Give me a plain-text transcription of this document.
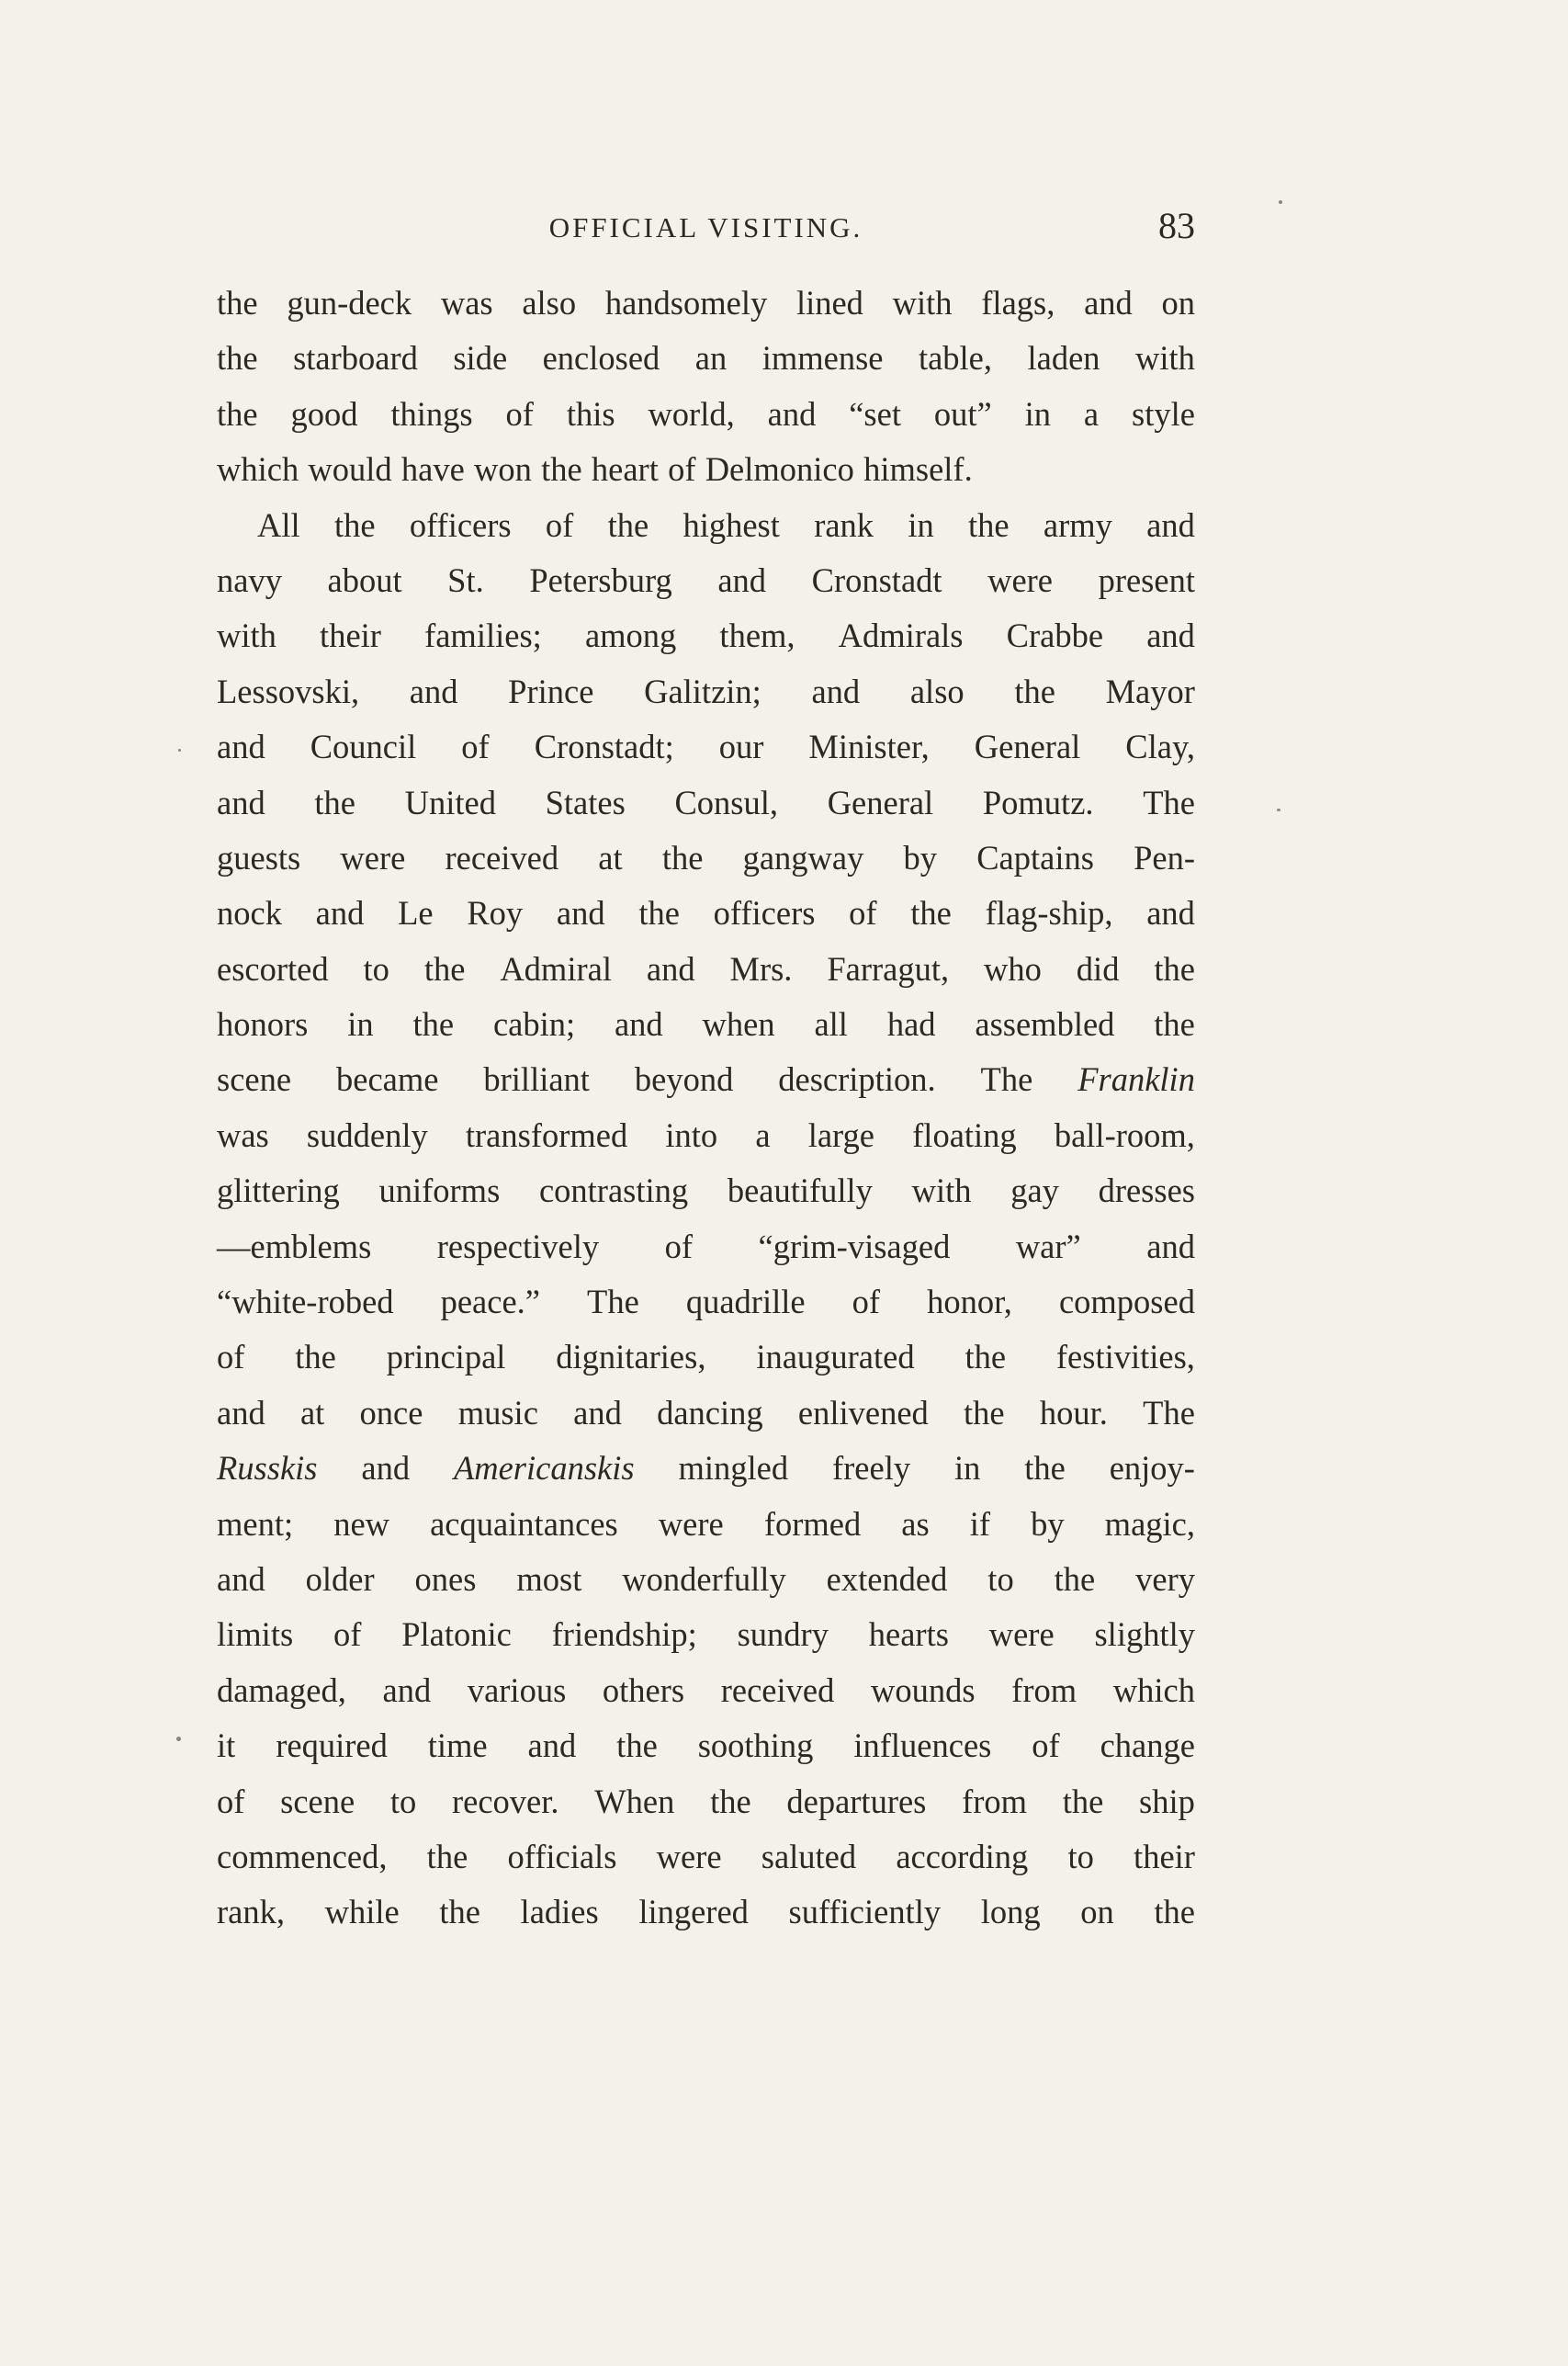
OFFICIAL VISITING.	83
the gun-deck was also handsomely lined with flags, and on
the starboard side enclosed an immense table, laden with
the good things of this world, and “set out” in a style
which would have won the heart of Delmonico himself.
All the officers of the highest rank in the army and
navy about St. Petersburg and Cronstadt were present
with their families; among them, Admirals Crabbe and
Lessovski, and Prince Galitzin; and also the Mayor
and Council of Cronstadt; our Minister, General Clay,
and the United States Consul, General Pomutz. The
guests were received at the gangway by Captains Pen-
nock and Le Roy and the officers of the flag-ship, and
escorted to the Admiral and Mrs. Farragut, who did the
honors in the cabin; and when all had assembled the
scene became brilliant beyond description. The Franklin
was suddenly transformed into a large floating ball-room,
glittering uniforms contrasting beautifully with gay dresses
—emblems respectively of “grim-visaged war” and
“white-robed peace.” The quadrille of honor, composed
of the principal dignitaries, inaugurated the festivities,
and at once music and dancing enlivened the hour. The
Russkis and Americanskis mingled freely in the enjoy-
ment; new acquaintances were formed as if by magic,
and older ones most wonderfully extended to the very
limits of Platonic friendship; sundry hearts were slightly
damaged, and various others received wounds from which
it required time and the soothing influences of change
of scene to recover. When the departures from the ship
commenced, the officials were saluted according to their
rank, while the ladies lingered sufficiently long on the
